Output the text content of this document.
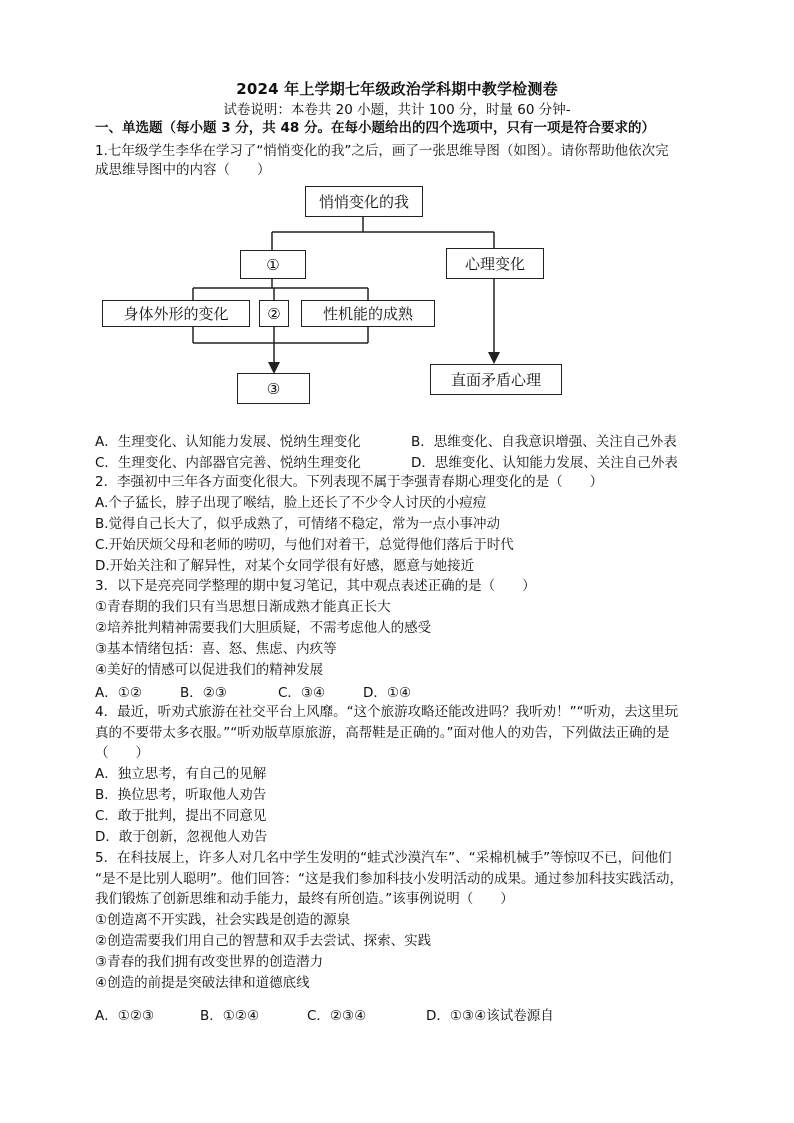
2024 年上学期七年级政治学科期中教学检测卷
试卷说明：本卷共 20 小题，共计 100 分，时量 60 分钟-
一、单选题（每小题 3 分，共 48 分。在每小题给出的四个选项中，只有一项是符合要求的）
1.七年级学生李华在学习了“悄悄变化的我”之后，画了一张思维导图（如图）。请你帮助他依次完
成思维导图中的内容（　　）
悄悄变化的我
①	心理变化
身体外形的变化	②	性机能的成熟
③	直面矛盾心理
A．生理变化、认知能力发展、悦纳生理变化	B．思维变化、自我意识增强、关注自己外表
C．生理变化、内部器官完善、悦纳生理变化	D．思维变化、认知能力发展、关注自己外表
2．李强初中三年各方面变化很大。下列表现不属于李强青春期心理变化的是（　　）
A.个子猛长，脖子出现了喉结，脸上还长了不少令人讨厌的小痘痘
B.觉得自己长大了，似乎成熟了，可情绪不稳定，常为一点小事冲动
C.开始厌烦父母和老师的唠叨，与他们对着干，总觉得他们落后于时代
D.开始关注和了解异性，对某个女同学很有好感，愿意与她接近
3．以下是亮亮同学整理的期中复习笔记，其中观点表述正确的是（　　）
①青春期的我们只有当思想日渐成熟才能真正长大
②培养批判精神需要我们大胆质疑，不需考虑他人的感受
③基本情绪包括：喜、怒、焦虑、内疚等
④美好的情感可以促进我们的精神发展
A．①②	B．②③	C．③④	D．①④
4．最近，听劝式旅游在社交平台上风靡。“这个旅游攻略还能改进吗？我听劝！”“听劝，去这里玩
真的不要带太多衣服。”“听劝版草原旅游，高帮鞋是正确的。”面对他人的劝告，下列做法正确的是
（　　）
A．独立思考，有自己的见解
B．换位思考，听取他人劝告
C．敢于批判，提出不同意见
D．敢于创新，忽视他人劝告
5．在科技展上，许多人对几名中学生发明的“蛙式沙漠汽车”、“采棉机械手”等惊叹不已，问他们
“是不是比别人聪明”。他们回答：“这是我们参加科技小发明活动的成果。通过参加科技实践活动，
我们锻炼了创新思维和动手能力，最终有所创造。”该事例说明（　　）
①创造离不开实践，社会实践是创造的源泉
②创造需要我们用自己的智慧和双手去尝试、探索、实践
③青春的我们拥有改变世界的创造潜力
④创造的前提是突破法律和道德底线
A．①②③	B．①②④	C．②③④	D．①③④该试卷源自
